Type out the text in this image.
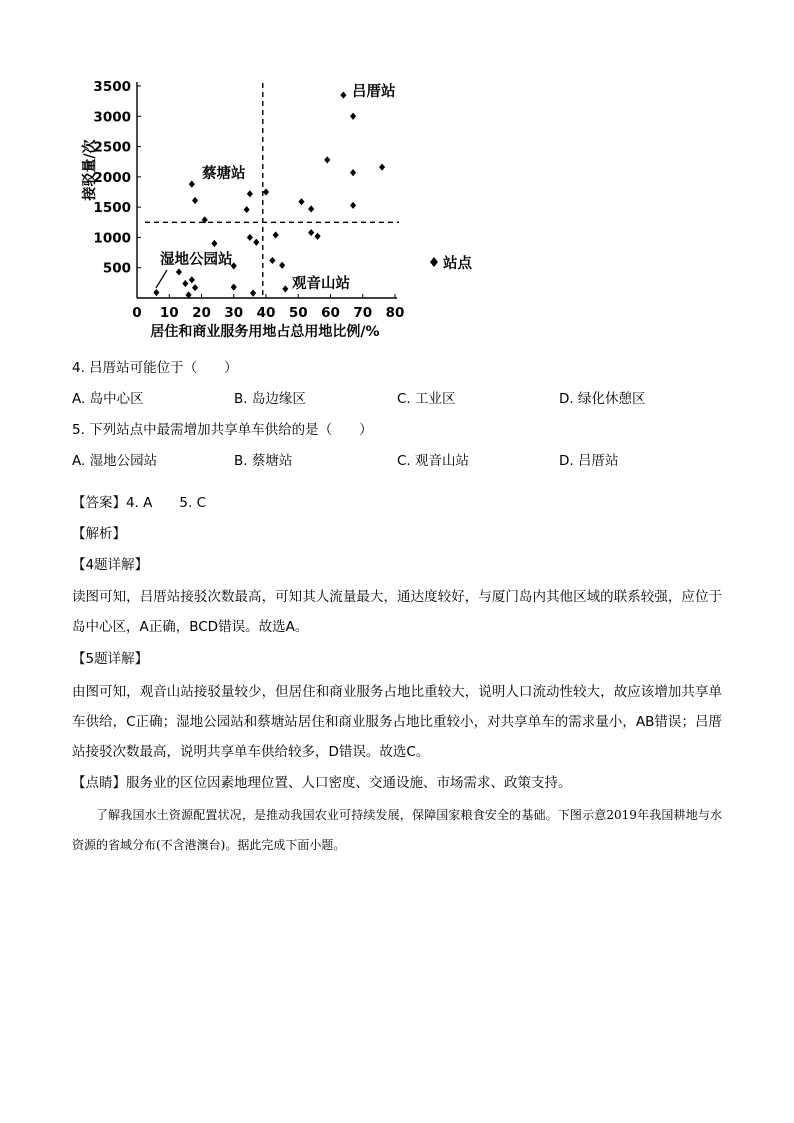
0 10 20 30 40 50 60 70 80
500
1000
1500
2000
2500
3000
3500	吕厝站
蔡塘站
湿地公园站
观音山站
站点
接驳量/次
居住和商业服务用地占总用地比例/%
4. 吕厝站可能位于（　　）
A. 岛中心区	B. 岛边缘区	C. 工业区	D. 绿化休憩区
5. 下列站点中最需增加共享单车供给的是（　　）
A. 湿地公园站	B. 蔡塘站	C. 观音山站	D. 吕厝站
【答案】4. A　　5. C
【解析】
【4题详解】
读图可知，吕厝站接驳次数最高，可知其人流量最大，通达度较好，与厦门岛内其他区域的联系较强，应位于岛中心区，A正确，BCD错误。故选A。
【5题详解】
由图可知，观音山站接驳量较少，但居住和商业服务占地比重较大，说明人口流动性较大，故应该增加共享单车供给，C正确；湿地公园站和蔡塘站居住和商业服务占地比重较小，对共享单车的需求量小，AB错误；吕厝站接驳次数最高，说明共享单车供给较多，D错误。故选C。
【点睛】服务业的区位因素地理位置、人口密度、交通设施、市场需求、政策支持。
了解我国水土资源配置状况，是推动我国农业可持续发展，保障国家粮食安全的基础。下图示意2019年我国耕地与水资源的省域分布(不含港澳台)。据此完成下面小题。
